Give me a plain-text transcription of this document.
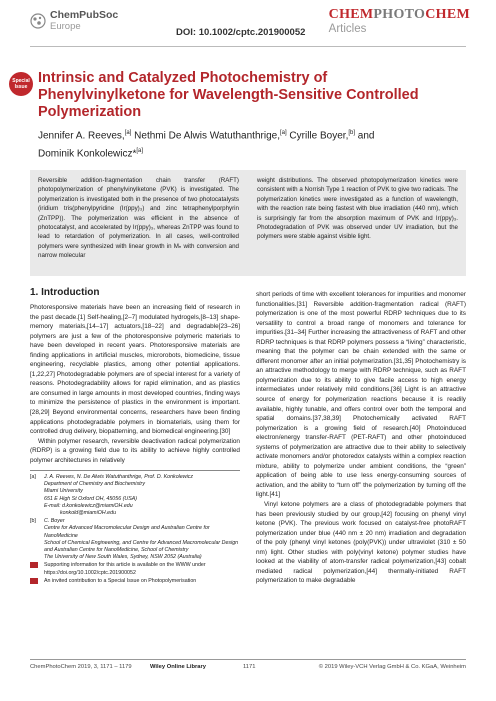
ChemPubSoc
Europe
DOI: 10.1002/cptc.201900052
CHEMPHOTOCHEM
Articles
Special
Issue
Intrinsic and Catalyzed Photochemistry of Phenylvinylketone for Wavelength-Sensitive Controlled Polymerization
Jennifer A. Reeves,[a] Nethmi De Alwis Watuthanthrige,[a] Cyrille Boyer,[b] and
Dominik Konkolewicz*[a]
Reversible addition-fragmentation chain transfer (RAFT) photopolymerization of phenylvinylketone (PVK) is investigated. The polymerization is investigated both in the presence of two photocatalysts (iridium tris(phenylpyridine (Ir(ppy)₃) and zinc tetraphenylporphyrin (ZnTPP)). The polymerization was efficient in the absence of photocatalyst, and accelerated by Ir(ppy)₃, whereas ZnTPP was found to lead to retardation of polymerization. In all cases, well-controlled polymers were synthesized with linear growth in Mₙ with conversion and narrow molecular
weight distributions. The observed photopolymerization kinetics were consistent with a Norrish Type 1 reaction of PVK to give two radicals. The polymerization kinetics were investigated as a function of wavelength, with the reaction rate being fastest with blue irradiation (440 nm), which is surprisingly far from the absorption maximum of PVK and Ir(ppy)₃. Photodegradation of PVK was observed under UV irradiation, but the polymers were stable against visible light.
1. Introduction

Photoresponsive materials have been an increasing field of research in the past decade.[1] Self-healing,[2–7] modulated hydrogels,[8–13] shape-memory materials,[14–17] actuators,[18–22] and degradable[23–26] polymers are just a few of the photoresponsive polymeric materials to have been developed in recent years. Photoresponsive materials are finding applications in artificial muscles, microrobots, biomedicine, tissue engineering, recyclable plastics, among other potential applications.[1,22,27] Photodegradable polymers are of special interest for a variety of reasons. Photodegradability allows for rapid elimination, and as plastics are consumed in large amounts in most developed countries, finding ways to minimize the persistence of plastics in the environment is important.[28,29] Beyond environmental concerns, researchers have been finding applications photodegradable polymers in biomaterials, using them for controlled drug delivery, biopatterning, and biomedical engineering.[30]

Within polymer research, reversible deactivation radical polymerization (RDRP) is a growing field due to its ability to achieve highly controlled polymer architectures in relatively

[a]	J. A. Reeves, N. De Alwis Watuthanthrige, Prof. D. Konkolewicz
Department of Chemistry and Biochemistry
Miami University
651 E High St Oxford OH, 45056 (USA)
E-mail: d.konkolewicz@miamiOH.edu
konkold@miamiOH.edu
[b]	C. Boyer
Centre for Advanced Macromolecular Design and Australian Centre for NanoMedicine
School of Chemical Engineering, and Centre for Advanced Macromolecular Design and Australian Centre for NanoMedicine, School of Chemistry
The University of New South Wales, Sydney, NSW 2052 (Australia)
Supporting information for this article is available on the WWW under https://doi.org/10.1002/cptc.201900052
An invited contribution to a Special Issue on Photopolymerisation

short periods of time with excellent tolerances for impurities and monomer functionalities.[31] Reversible addition-fragmentation radical (RAFT) polymerization is one of the most powerful RDRP techniques due to its versatility to control a broad range of monomers and tolerance for impurities.[31–34] Further increasing the attractiveness of RAFT and other RDRP techniques is that RDRP polymers possess a “living” characteristic, meaning that the polymer can be chain extended with the same or different monomer after an initial polymerization.[31,35] Photochemistry is an attractive methodology to merge with RDRP technique, such as RAFT polymerization due to its ability to give facile access to high energy intermediates under relatively mild conditions.[36] Light is an attractive source of energy for polymerization reactions because it is readily available, highly tunable, and offers control over both the temporal and spatial domains.[37,38,39] Photochemically activated RAFT polymerization is a growing field of research.[40] Photoinduced electron/energy transfer-RAFT (PET-RAFT) and other photoinduced systems of polymerization are attractive due to their ability to selectively activate monomers and/or photoredox catalysts within a complex reaction mixture, ability to polymerize under ambient conditions, the “green” application of being able to use less energy-consuming sources of activation, and the ability to “turn off” the polymerization by turning off the light.[41]

Vinyl ketone polymers are a class of photodegradable polymers that has been previously studied by our group,[42] focusing on phenyl vinyl ketone (PVK). The previous work focused on catalyst-free photoRAFT polymerization under blue (440 nm ± 20 nm) irradiation and degradation of the poly (phenyl vinyl ketones (poly(PVK)) under ultraviolet (310 ± 50 nm) light. Other studies with poly(vinyl ketone) polymer studies have looked at the viability of atom-transfer radical polymerization,[43] cobalt mediated radical polymerization,[44] thermally-initiated RAFT polymerization to make degradable

ChemPhotoChem 2019, 3, 1171 – 1179	Wiley Online Library	1171	© 2019 Wiley-VCH Verlag GmbH & Co. KGaA, Weinheim
